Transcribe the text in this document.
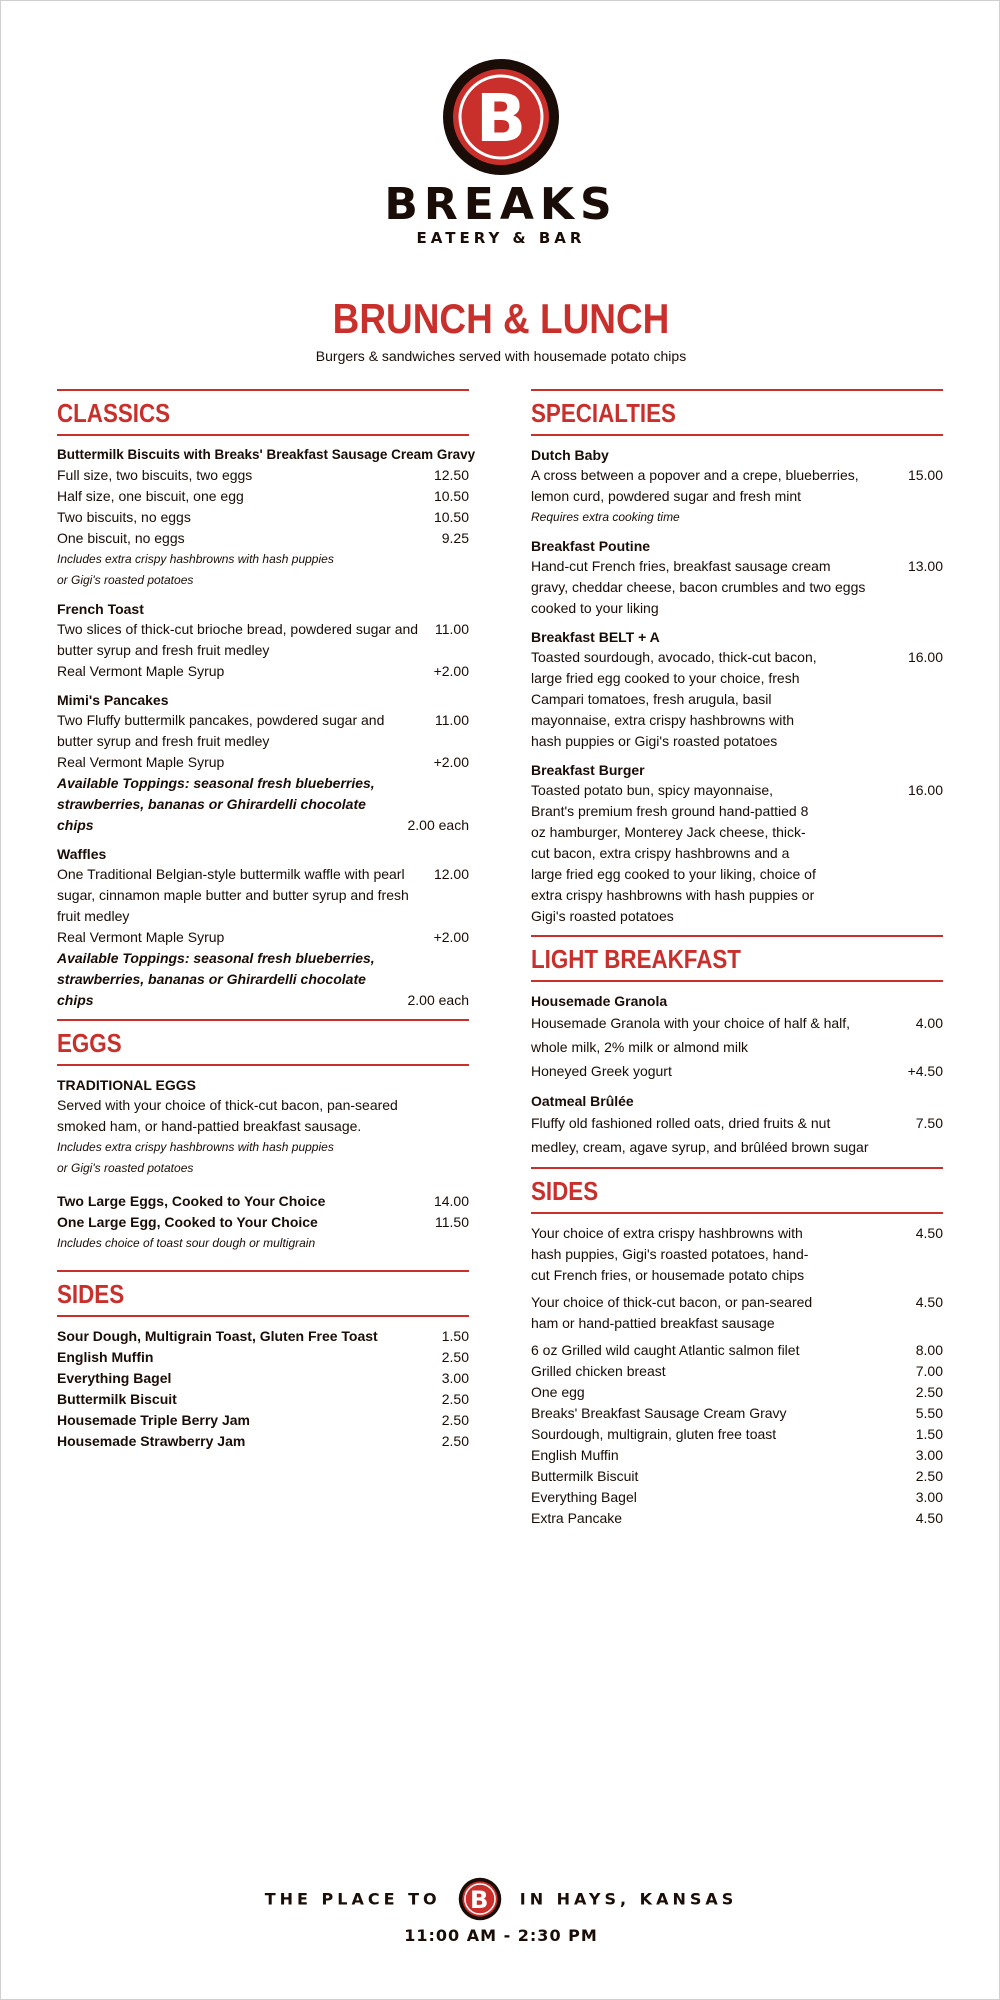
B
BREAKS
EATERY & BAR
BRUNCH & LUNCH
Burgers & sandwiches served with housemade potato chips
CLASSICS
Buttermilk Biscuits with Breaks' Breakfast Sausage Cream Gravy
Full size, two biscuits, two eggs	12.50
Half size, one biscuit, one egg	10.50
Two biscuits, no eggs	10.50
One biscuit, no eggs	9.25
Includes extra crispy hashbrowns with hash puppies
or Gigi's roasted potatoes
French Toast
Two slices of thick-cut brioche bread, powdered sugar and butter syrup and fresh fruit medley
11.00
Real Vermont Maple Syrup	+2.00
Mimi's Pancakes
Two Fluffy buttermilk pancakes, powdered sugar and butter syrup and fresh fruit medley
11.00
Real Vermont Maple Syrup	+2.00
Available Toppings: seasonal fresh blueberries, strawberries, bananas or Ghirardelli chocolate chips	2.00 each
Waffles
One Traditional Belgian-style buttermilk waffle with pearl sugar, cinnamon maple butter and butter syrup and fresh fruit medley
12.00
Real Vermont Maple Syrup	+2.00
Available Toppings: seasonal fresh blueberries, strawberries, bananas or Ghirardelli chocolate chips	2.00 each
EGGS
TRADITIONAL EGGS
Served with your choice of thick-cut bacon, pan-seared smoked ham, or hand-pattied breakfast sausage.
Includes extra crispy hashbrowns with hash puppies
or Gigi's roasted potatoes
Two Large Eggs, Cooked to Your Choice	14.00
One Large Egg, Cooked to Your Choice	11.50
Includes choice of toast sour dough or multigrain
SIDES
Sour Dough, Multigrain Toast, Gluten Free Toast	1.50
English Muffin	2.50
Everything Bagel	3.00
Buttermilk Biscuit	2.50
Housemade Triple Berry Jam	2.50
Housemade Strawberry Jam	2.50
SPECIALTIES
Dutch Baby
A cross between a popover and a crepe, blueberries, lemon curd, powdered sugar and fresh mint
15.00
Requires extra cooking time
Breakfast Poutine
Hand-cut French fries, breakfast sausage cream gravy, cheddar cheese, bacon crumbles and two eggs cooked to your liking
13.00
Breakfast BELT + A
Toasted sourdough, avocado, thick-cut bacon, large fried egg cooked to your choice, fresh Campari tomatoes, fresh arugula, basil mayonnaise, extra crispy hashbrowns with hash puppies or Gigi's roasted potatoes
16.00
Breakfast Burger
Toasted potato bun, spicy mayonnaise, Brant's premium fresh ground hand-pattied 8 oz hamburger, Monterey Jack cheese, thick-cut bacon, extra crispy hashbrowns and a large fried egg cooked to your liking, choice of extra crispy hashbrowns with hash puppies or Gigi's roasted potatoes
16.00
LIGHT BREAKFAST
Housemade Granola
Housemade Granola with your choice of half & half, whole milk, 2% milk or almond milk
4.00
Honeyed Greek yogurt	+4.50
Oatmeal Brûlée
Fluffy old fashioned rolled oats, dried fruits & nut medley, cream, agave syrup, and brûléed brown sugar
7.50
SIDES
Your choice of extra crispy hashbrowns with hash puppies, Gigi's roasted potatoes, hand-cut French fries, or housemade potato chips
4.50
Your choice of thick-cut bacon, or pan-seared ham or hand-pattied breakfast sausage
4.50
6 oz Grilled wild caught Atlantic salmon filet	8.00
Grilled chicken breast	7.00
One egg	2.50
Breaks' Breakfast Sausage Cream Gravy	5.50
Sourdough, multigrain, gluten free toast	1.50
English Muffin	3.00
Buttermilk Biscuit	2.50
Everything Bagel	3.00
Extra Pancake	4.50
THE PLACE TO B IN HAYS, KANSAS
11:00 AM - 2:30 PM
